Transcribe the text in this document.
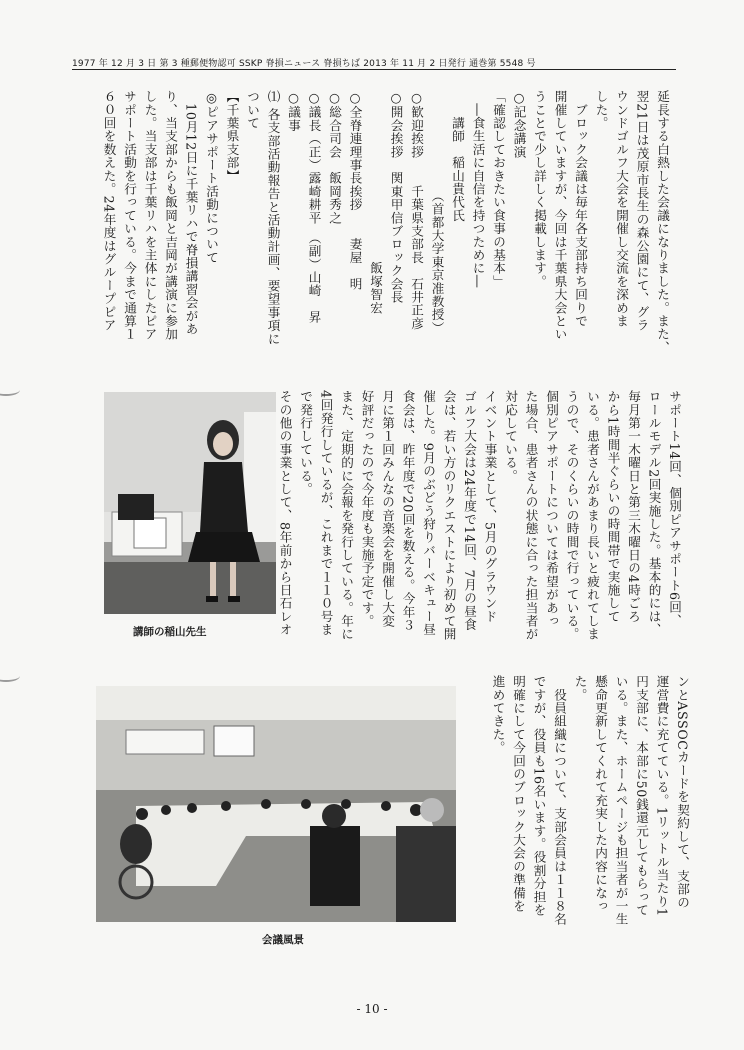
1977 年 12 月 3 日 第 3 種郵便物認可 SSKP 脊損ニュース 脊損ちば 2013 年 11 月 2 日発行 通巻第 5548 号

延長する白熱した会議になりました。また、

翌21日は茂原市長生の森公園にて、グラ

ウンドゴルフ大会を開催し交流を深めま

した。

　ブロック会議は毎年各支部持ち回りで

開催していますが、今回は千葉県大会とい

うことで少し詳しく掲載します。

○記念講演

「確認しておきたい食事の基本」

　―食生活に自信を持つために―

　　講師　稲山貴代氏

　　　　　　　　（首都大学東京准教授）

○歓迎挨拶　　千葉県支部長　石井正彦

○開会挨拶　関東甲信ブロック会長

　　　　　　　　　　　　　飯塚智宏

○全脊連理事長挨拶　　妻屋　明

○総合司会　飯岡秀之

○議長（正）露崎耕平　（副）山崎　昇

○議事

⑴ 各支部活動報告と活動計画、要望事項に

ついて

【千葉県支部】

◎ピアサポート活動について

　10月12日に千葉リハで脊損講習会があ

り、当支部からも飯岡と吉岡が講演に参加

した。当支部は千葉リハを主体にしたピア

サポート活動を行っている。今まで通算１

６０回を数えた。24年度はグループピア

講師の稲山先生

サポート14回、個別ピアサポート6回、

ロールモデル2回実施した。基本的には、

毎月第一木曜日と第三木曜日の4時ごろ

から1時間半ぐらいの時間帯で実施して

いる。患者さんがあまり長いと疲れてしま

うので、そのくらいの時間で行っている。

個別ピアサポートについては希望があっ

た場合、患者さんの状態に合った担当者が

対応している。

イベント事業として、5月のグラウンド

ゴルフ大会は24年度で14回、7月の昼食

会は、若い方のリクエストにより初めて開

催した。9月のぶどう狩りバーベキュー昼

食会は、昨年度で20回を数える。今年３

月に第１回みんなの音楽会を開催し大変

好評だったので今年度も実施予定です。

また、定期的に会報を発行している。年に

4回発行しているが、これまで１１０号ま

で発行している。

その他の事業として、8年前から日石レオ

会議風景

ンとASSOCカードを契約して、支部の

運営費に充てている。1リットル当たり1

円支部に、本部に50銭還元してもらって

いる。また、ホームページも担当者が一生

懸命更新してくれて充実した内容になっ

た。

　役員組織について、支部会員は１１８名

ですが、役員も16名います。役割分担を

明確にして今回のブロック大会の準備を

進めてきた。

- 10 -
